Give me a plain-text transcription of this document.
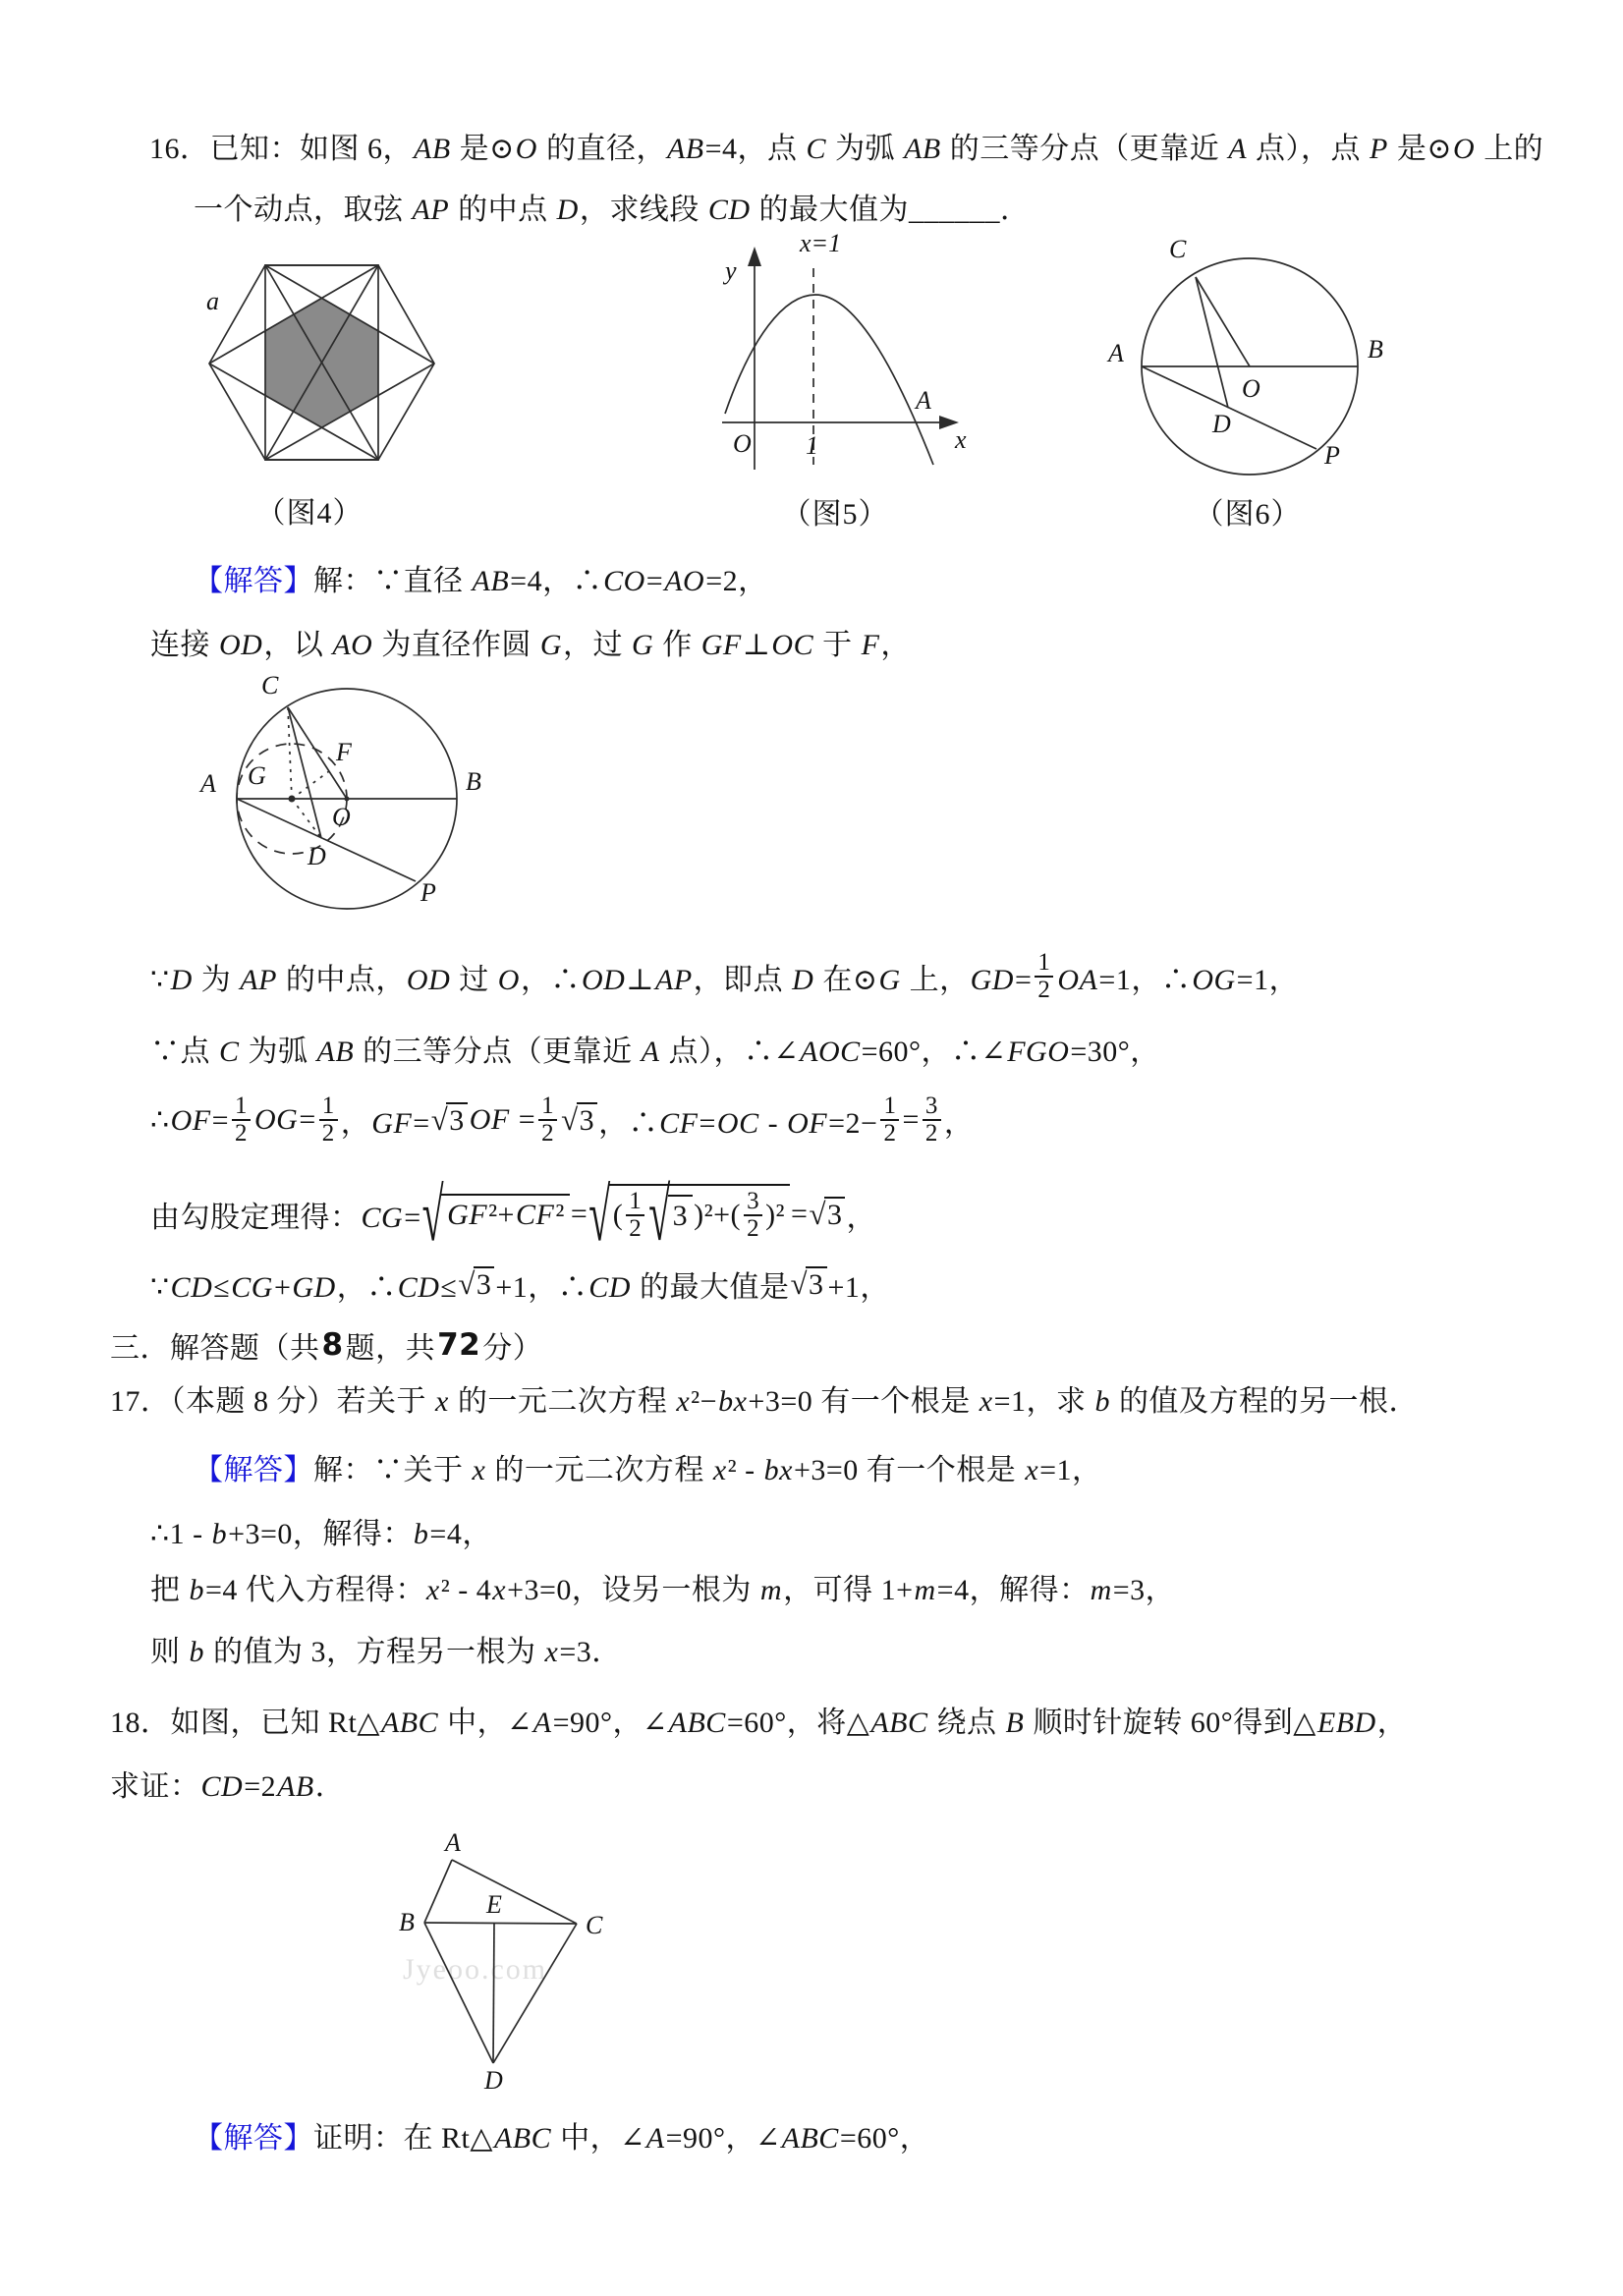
16．已知：如图 6，AB 是⊙O 的直径，AB=4，点 C 为弧 AB 的三等分点（更靠近 A 点），点 P 是⊙O 上的
一个动点，取弦 AP 的中点 D，求线段 CD 的最大值为______．
【解答】 解：∵直径 AB=4，∴CO=AO=2，
连接 OD，以 AO 为直径作圆 G，过 G 作 GF⊥OC 于 F，
∵D 为 AP 的中点，OD 过 O，∴OD⊥AP，即点 D 在⊙G 上，$GD= \frac{1}{2} OA=1$，∴OG=1，
∵点 C 为弧 AB 的三等分点（更靠近 A 点），∴∠AOC=60°，∴∠FGO=30°，
∴OF= $\frac{1}{2} OG= \frac{1}{2}$ ，GF= √ 3 OF = $\frac{1}{2}$ √ 3 ，∴CF=OC - $OF=2- \frac{1}{2} = \frac{3}{2}$ ，
由勾股定理得：CG= √ GF²+CF² = √ ( $\frac{1}{2}$ √ 3 )$^2+( \frac{3}{2} )^2$ = √ 3 ，
∵CD≤CG+GD，∴CD≤ √ 3 +1，∴CD 的最大值是 √ 3 +1，
三．解答题（共 8 题，共 72 分）
17．（本题 8 分）若关于 x 的一元二次方程 x²−bx+3=0 有一个根是 x=1，求 b 的值及方程的另一根．
【解答】 解：∵关于 x 的一元二次方程 x² - bx+3=0 有一个根是 x=1，
∴1 - b+3=0，解得：b=4，
把 b=4 代入方程得：x² - 4x+3=0，设另一根为 m，可得 1+m=4，解得：m=3，
则 b 的值为 3，方程另一根为 x=3．
18．如图，已知 Rt△ABC 中，∠A=90°，∠ABC=60°，将△ABC 绕点 B 顺时针旋转 60°得到△EBD，
求证：CD=2AB．
【解答】 证明：在 Rt△ABC 中，∠A=90°，∠ABC=60°，
a
（图4）
y
x
O 1
A
x=1
（图5）
A	B
C
O
D
P
（图6）
C
A	B
G
F
O
D
P
Jyeoo.com
A
B	C
E
D
